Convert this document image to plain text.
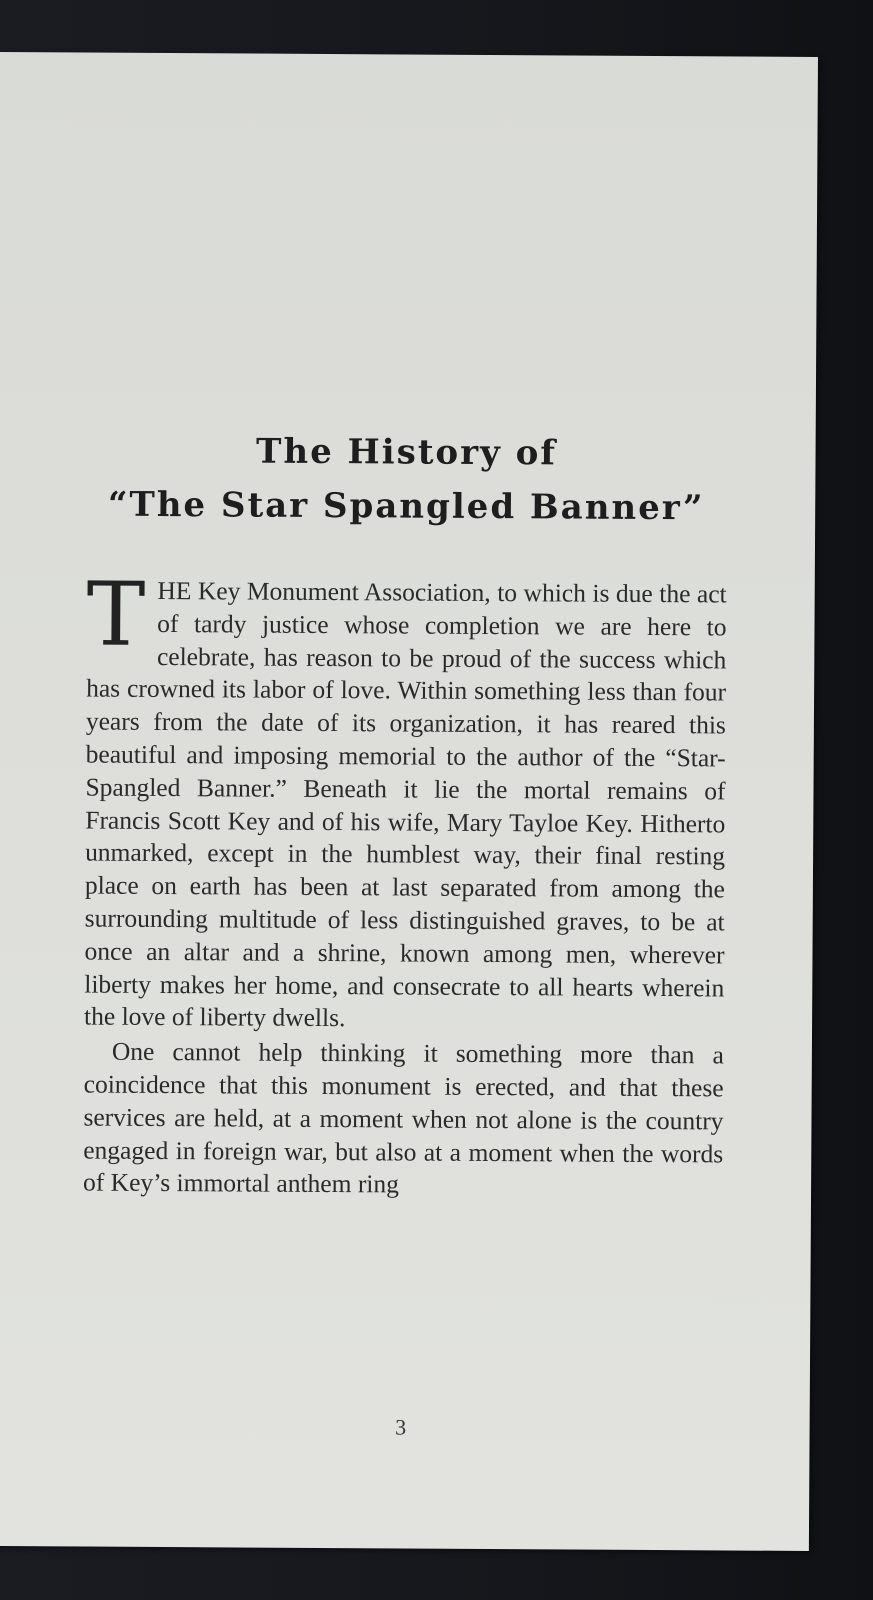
The History of
“The Star Spangled Banner”

THE Key Monument Association, to which is due the act of tardy justice whose completion we are here to celebrate, has reason to be proud of the success which has crowned its labor of love. Within something less than four years from the date of its organization, it has reared this beautiful and imposing memorial to the author of the “Star-Spangled Banner.” Beneath it lie the mortal remains of Francis Scott Key and of his wife, Mary Tayloe Key. Hitherto unmarked, except in the humblest way, their final resting place on earth has been at last separated from among the surrounding multitude of less distinguished graves, to be at once an altar and a shrine, known among men, wherever liberty makes her home, and consecrate to all hearts wherein the love of liberty dwells.

One cannot help thinking it something more than a coincidence that this monument is erected, and that these services are held, at a moment when not alone is the country engaged in foreign war, but also at a moment when the words of Key’s immortal anthem ring

3
